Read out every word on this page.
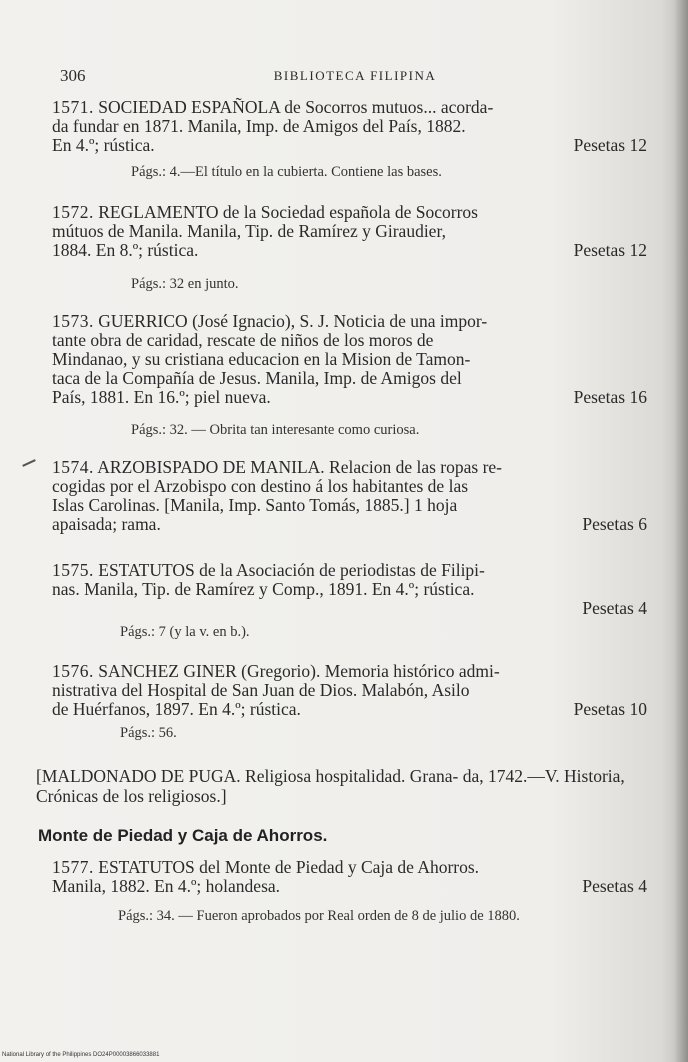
306	BIBLIOTECA FILIPINA
1571. SOCIEDAD ESPAÑOLA de Socorros mutuos... acorda-
da fundar en 1871. Manila, Imp. de Amigos del País, 1882.
En 4.º; rústica.	Pesetas 12
Págs.: 4.—El título en la cubierta. Contiene las bases.
1572. REGLAMENTO de la Sociedad española de Socorros
mútuos de Manila. Manila, Tip. de Ramírez y Giraudier,
1884. En 8.º; rústica.	Pesetas 12
Págs.: 32 en junto.
1573. GUERRICO (José Ignacio), S. J. Noticia de una impor-
tante obra de caridad, rescate de niños de los moros de
Mindanao, y su cristiana educacion en la Mision de Tamon-
taca de la Compañía de Jesus. Manila, Imp. de Amigos del
País, 1881. En 16.º; piel nueva.	Pesetas 16
Págs.: 32. — Obrita tan interesante como curiosa.
1574. ARZOBISPADO DE MANILA. Relacion de las ropas re-
cogidas por el Arzobispo con destino á los habitantes de las
Islas Carolinas. [Manila, Imp. Santo Tomás, 1885.] 1 hoja
apaisada; rama.	Pesetas 6
1575. ESTATUTOS de la Asociación de periodistas de Filipi-
nas. Manila, Tip. de Ramírez y Comp., 1891. En 4.º; rústica.

Pesetas 4
Págs.: 7 (y la v. en b.).
1576. SANCHEZ GINER (Gregorio). Memoria histórico admi-
nistrativa del Hospital de San Juan de Dios. Malabón, Asilo
de Huérfanos, 1897. En 4.º; rústica.	Pesetas 10
Págs.: 56.
[MALDONADO DE PUGA. Religiosa hospitalidad. Grana- da, 1742.—V. Historia, Crónicas de los religiosos.]
Monte de Piedad y Caja de Ahorros.
1577. ESTATUTOS del Monte de Piedad y Caja de Ahorros.
Manila, 1882. En 4.º; holandesa.	Pesetas 4
Págs.: 34. — Fueron aprobados por Real orden de 8 de julio de 1880.
National Library of the Philippines DO24P00003866033881
